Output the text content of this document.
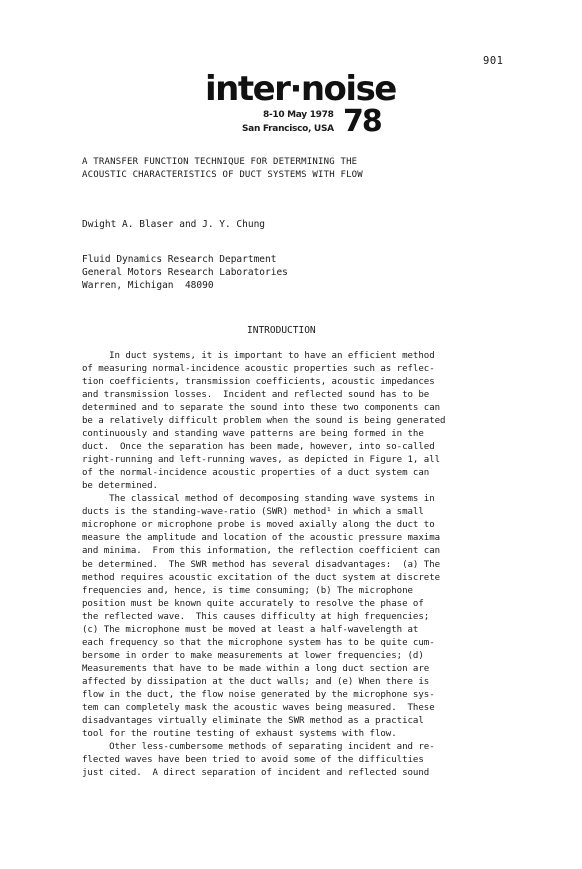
901
inter·noise
8-10 May 1978
San Francisco, USA 78
A TRANSFER FUNCTION TECHNIQUE FOR DETERMINING THE
ACOUSTIC CHARACTERISTICS OF DUCT SYSTEMS WITH FLOW
Dwight A. Blaser and J. Y. Chung
Fluid Dynamics Research Department
General Motors Research Laboratories
Warren, Michigan  48090
INTRODUCTION
In duct systems, it is important to have an efficient method
of measuring normal-incidence acoustic properties such as reflec-
tion coefficients, transmission coefficients, acoustic impedances
and transmission losses.  Incident and reflected sound has to be
determined and to separate the sound into these two components can
be a relatively difficult problem when the sound is being generated
continuously and standing wave patterns are being formed in the
duct.  Once the separation has been made, however, into so-called
right-running and left-running waves, as depicted in Figure 1, all
of the normal-incidence acoustic properties of a duct system can
be determined.
The classical method of decomposing standing wave systems in
ducts is the standing-wave-ratio (SWR) method¹ in which a small
microphone or microphone probe is moved axially along the duct to
measure the amplitude and location of the acoustic pressure maxima
and minima.  From this information, the reflection coefficient can
be determined.  The SWR method has several disadvantages:  (a) The
method requires acoustic excitation of the duct system at discrete
frequencies and, hence, is time consuming; (b) The microphone
position must be known quite accurately to resolve the phase of
the reflected wave.  This causes difficulty at high frequencies;
(c) The microphone must be moved at least a half-wavelength at
each frequency so that the microphone system has to be quite cum-
bersome in order to make measurements at lower frequencies; (d)
Measurements that have to be made within a long duct section are
affected by dissipation at the duct walls; and (e) When there is
flow in the duct, the flow noise generated by the microphone sys-
tem can completely mask the acoustic waves being measured.  These
disadvantages virtually eliminate the SWR method as a practical
tool for the routine testing of exhaust systems with flow.
Other less-cumbersome methods of separating incident and re-
flected waves have been tried to avoid some of the difficulties
just cited.  A direct separation of incident and reflected sound
